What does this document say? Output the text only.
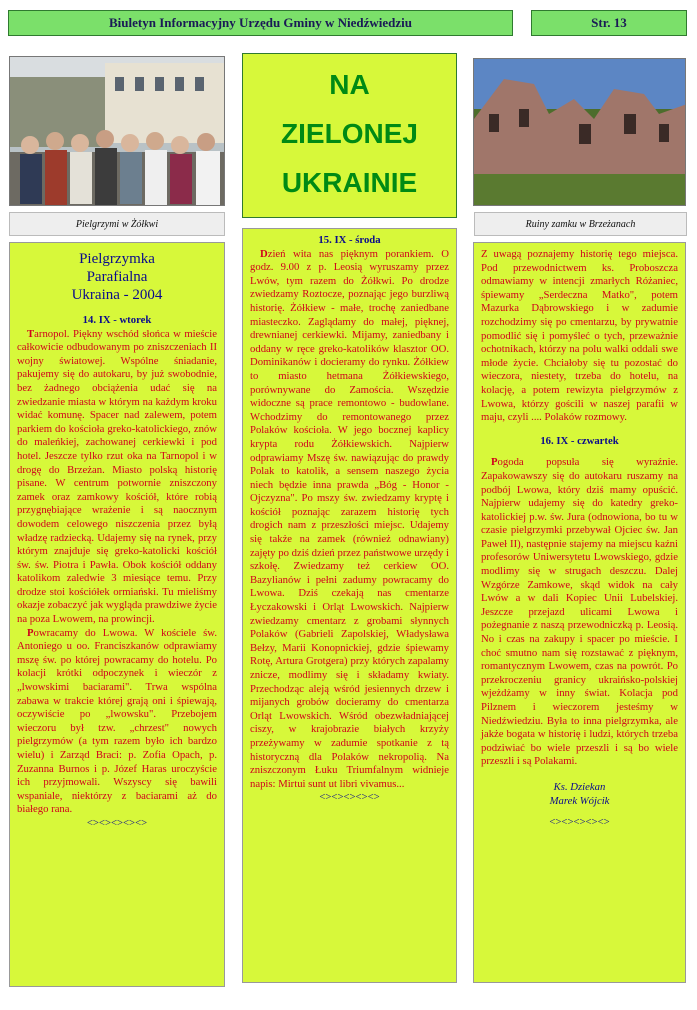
Biuletyn Informacyjny Urzędu Gminy w Niedźwiedziu	Str. 13
Pielgrzymi w Żółkwi
NA
ZIELONEJ
UKRAINIE
Ruiny zamku w Brzeżanach
Pielgrzymka
Parafialna
Ukraina - 2004

14. IX - wtorek

Tarnopol. Piękny wschód słońca w mieście całkowicie odbudowanym po zniszczeniach II wojny światowej. Wspólne śniadanie, pakujemy się do autokaru, by już swobodnie, bez żadnego obciążenia udać się na zwiedzanie miasta w którym na każdym kroku widać komunę. Spacer nad zalewem, potem parkiem do kościoła greko-katolickiego, znów do maleńkiej, zachowanej cerkiewki i pod hotel. Jeszcze tylko rzut oka na Tarnopol i w drogę do Brzeżan. Miasto polską historię pisane. W centrum potwornie zniszczony zamek oraz zamkowy kościół, które robią przygnębiające wrażenie i są naocznym dowodem celowego niszczenia przez byłą władzę radziecką. Udajemy się na rynek, przy którym znajduje się greko-katolicki kościół św. św. Piotra i Pawła. Obok kościół oddany katolikom zaledwie 3 miesiące temu. Przy drodze stoi kościółek ormiański. Tu mieliśmy okazje zobaczyć jak wygląda prawdziwe życie na poza Lwowem, na prowincji.

Powracamy do Lwowa. W kościele św. Antoniego u oo. Franciszkanów odprawiamy mszę św. po której powracamy do hotelu. Po kolacji krótki odpoczynek i wieczór z „lwowskimi baciarami". Trwa wspólna zabawa w trakcie której grają oni i śpiewają, oczywiście po „lwowsku". Przebojem wieczoru był tzw. „chrzest" nowych pielgrzymów (a tym razem było ich bardzo wielu) i Zarząd Braci: p. Zofia Opach, p. Zuzanna Burnos i p. Józef Haras uroczyście ich przyjmowali. Wszyscy się bawili wspaniale, niektórzy z baciarami aż do białego rana.

<><><><><>

15. IX - środa

Dzień wita nas pięknym porankiem. O godz. 9.00 z p. Leosią wyruszamy przez Lwów, tym razem do Żółkwi. Po drodze zwiedzamy Roztocze, poznając jego burzliwą historię. Żółkiew - małe, trochę zaniedbane miasteczko. Zaglądamy do małej, pięknej, drewnianej cerkiewki. Mijamy, zaniedbany i oddany w ręce greko-katolików klasztor OO. Dominikanów i docieramy do rynku. Żółkiew to miasto hetmana Żółkiewskiego, porównywane do Zamościa. Wszędzie widoczne są prace remontowo - budowlane. Wchodzimy do remontowanego przez Polaków kościoła. W jego bocznej kaplicy krypta rodu Żółkiewskich. Najpierw odprawiamy Mszę św. nawiązując do prawdy Polak to katolik, a sensem naszego życia niech będzie inna prawda „Bóg - Honor - Ojczyzna". Po mszy św. zwiedzamy kryptę i kościół poznając zarazem historię tych drogich nam z przeszłości miejsc. Udajemy się także na zamek (również odnawiany) zajęty po dziś dzień przez państwowe urzędy i szkołę. Zwiedzamy też cerkiew OO. Bazylianów i pełni zadumy powracamy do Lwowa. Dziś czekają nas cmentarze Łyczakowski i Orląt Lwowskich. Najpierw zwiedzamy cmentarz z grobami słynnych Polaków (Gabrieli Zapolskiej, Władysława Bełzy, Marii Konopnickiej, gdzie śpiewamy Rotę, Artura Grotgera) przy których zapalamy znicze, modlimy się i składamy kwiaty. Przechodząc aleją wśród jesiennych drzew i mijanych grobów docieramy do cmentarza Orląt Lwowskich. Wśród obezwładniającej ciszy, w krajobrazie białych krzyży przeżywamy w zadumie spotkanie z tą historyczną dla Polaków nekropolią. Na zniszczonym Łuku Triumfalnym widnieje napis: Mirtui sunt ut libri vivamus...

<><><><><>

Z uwagą poznajemy historię tego miejsca. Pod przewodnictwem ks. Proboszcza odmawiamy w intencji zmarłych Różaniec, śpiewamy „Serdeczna Matko", potem Mazurka Dąbrowskiego i w zadumie rozchodzimy się po cmentarzu, by prywatnie pomodlić się i pomyśleć o tych, przeważnie ochotnikach, którzy na polu walki oddali swe młode życie. Chciałoby się tu pozostać do wieczora, niestety, trzeba do hotelu, na kolację, a potem rewizyta pielgrzymów z Lwowa, którzy gościli w naszej parafii w maju, czyli .... Polaków rozmowy.

16. IX - czwartek

Pogoda popsuła się wyraźnie. Zapakowawszy się do autokaru ruszamy na podbój Lwowa, który dziś mamy opuścić. Najpierw udajemy się do katedry greko-katolickiej p.w. św. Jura (odnowiona, bo tu w czasie pielgrzymki przebywał Ojciec św. Jan Paweł II), następnie stajemy na miejscu kaźni profesorów Uniwersytetu Lwowskiego, gdzie modlimy się w strugach deszczu. Dalej Wzgórze Zamkowe, skąd widok na cały Lwów a w dali Kopiec Unii Lubelskiej. Jeszcze przejazd ulicami Lwowa i pożegnanie z naszą przewodniczką p. Leosią. No i czas na zakupy i spacer po mieście. I choć smutno nam się rozstawać z pięknym, romantycznym Lwowem, czas na powrót. Po przekroczeniu granicy ukraińsko-polskiej wjeżdżamy w inny świat. Kolacja pod Pilznem i wieczorem jesteśmy w Niedźwiedziu. Była to inna pielgrzymka, ale jakże bogata w historię i ludzi, których trzeba podziwiać bo wiele przeszli i są bo wiele przeszli i są Polakami.

Ks. Dziekan

Marek Wójcik

<><><><><>
